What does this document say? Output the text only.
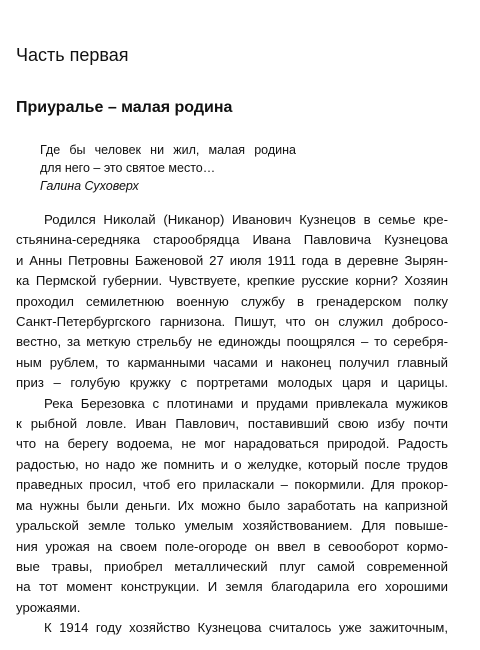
Часть первая
Приуралье – малая родина
Где бы человек ни жил, малая родина
для него – это святое место…
Галина Суховерх
Родился Николай (Никанор) Иванович Кузнецов в семье кре-
стьянина-середняка старообрядца Ивана Павловича Кузнецова
и Анны Петровны Баженовой 27 июля 1911 года в деревне Зырян-
ка Пермской губернии. Чувствуете, крепкие русские корни? Хозяин
проходил семилетнюю военную службу в гренадерском полку
Санкт-Петербургского гарнизона. Пишут, что он служил добросо-
вестно, за меткую стрельбу не единожды поощрялся – то серебря-
ным рублем, то карманными часами и наконец получил главный
приз – голубую кружку с портретами молодых царя и царицы.
Река Березовка с плотинами и прудами привлекала мужиков
к рыбной ловле. Иван Павлович, поставивший свою избу почти
что на берегу водоема, не мог нарадоваться природой. Радость
радостью, но надо же помнить и о желудке, который после трудов
праведных просил, чтоб его приласкали – покормили. Для прокор-
ма нужны были деньги. Их можно было заработать на капризной
уральской земле только умелым хозяйствованием. Для повыше-
ния урожая на своем поле-огороде он ввел в севооборот кормо-
вые травы, приобрел металлический плуг самой современной
на тот момент конструкции. И земля благодарила его хорошими
урожаями.
К 1914 году хозяйство Кузнецова считалось уже зажиточным,
